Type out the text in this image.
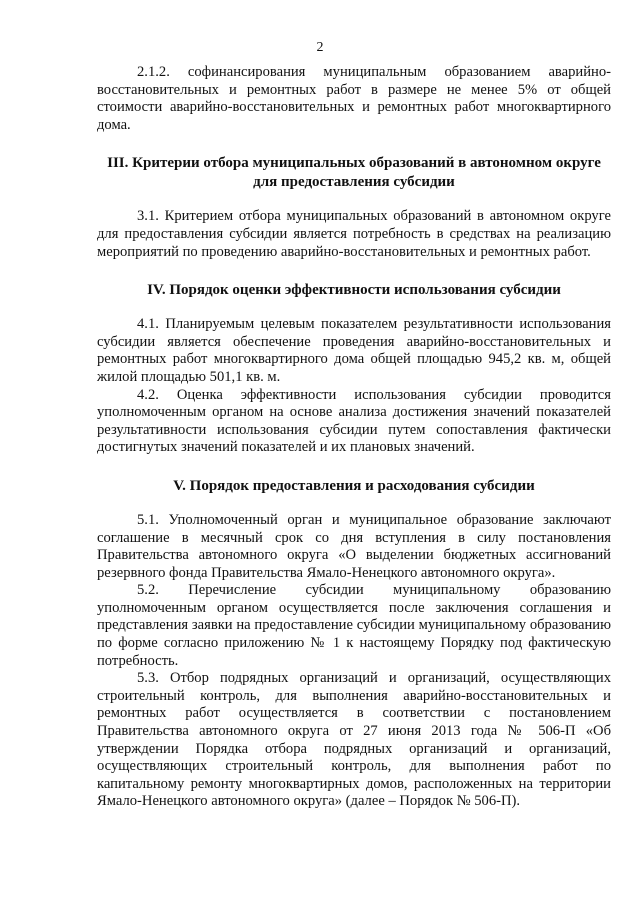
2

2.1.2. софинансирования муниципальным образованием аварийно-восстановительных и ремонтных работ в размере не менее 5% от общей стоимости аварийно-восстановительных и ремонтных работ многоквартирного дома.

III. Критерии отбора муниципальных образований в автономном округе для предоставления субсидии

3.1. Критерием отбора муниципальных образований в автономном округе для предоставления субсидии является потребность в средствах на реализацию мероприятий по проведению аварийно-восстановительных и ремонтных работ.

IV. Порядок оценки эффективности использования субсидии

4.1. Планируемым целевым показателем результативности использования субсидии является обеспечение проведения аварийно-восстановительных и ремонтных работ многоквартирного дома общей площадью 945,2 кв. м, общей жилой площадью 501,1 кв. м.

4.2. Оценка эффективности использования субсидии проводится уполномоченным органом на основе анализа достижения значений показателей результативности использования субсидии путем сопоставления фактически достигнутых значений показателей и их плановых значений.

V. Порядок предоставления и расходования субсидии

5.1. Уполномоченный орган и муниципальное образование заключают соглашение в месячный срок со дня вступления в силу постановления Правительства автономного округа «О выделении бюджетных ассигнований резервного фонда Правительства Ямало-Ненецкого автономного округа».

5.2. Перечисление субсидии муниципальному образованию уполномоченным органом осуществляется после заключения соглашения и представления заявки на предоставление субсидии муниципальному образованию по форме согласно приложению № 1 к настоящему Порядку под фактическую потребность.

5.3. Отбор подрядных организаций и организаций, осуществляющих строительный контроль, для выполнения аварийно-восстановительных и ремонтных работ осуществляется в соответствии с постановлением Правительства автономного округа от 27 июня 2013 года № 506-П «Об утверждении Порядка отбора подрядных организаций и организаций, осуществляющих строительный контроль, для выполнения работ по капитальному ремонту многоквартирных домов, расположенных на территории Ямало-Ненецкого автономного округа» (далее – Порядок № 506-П).
